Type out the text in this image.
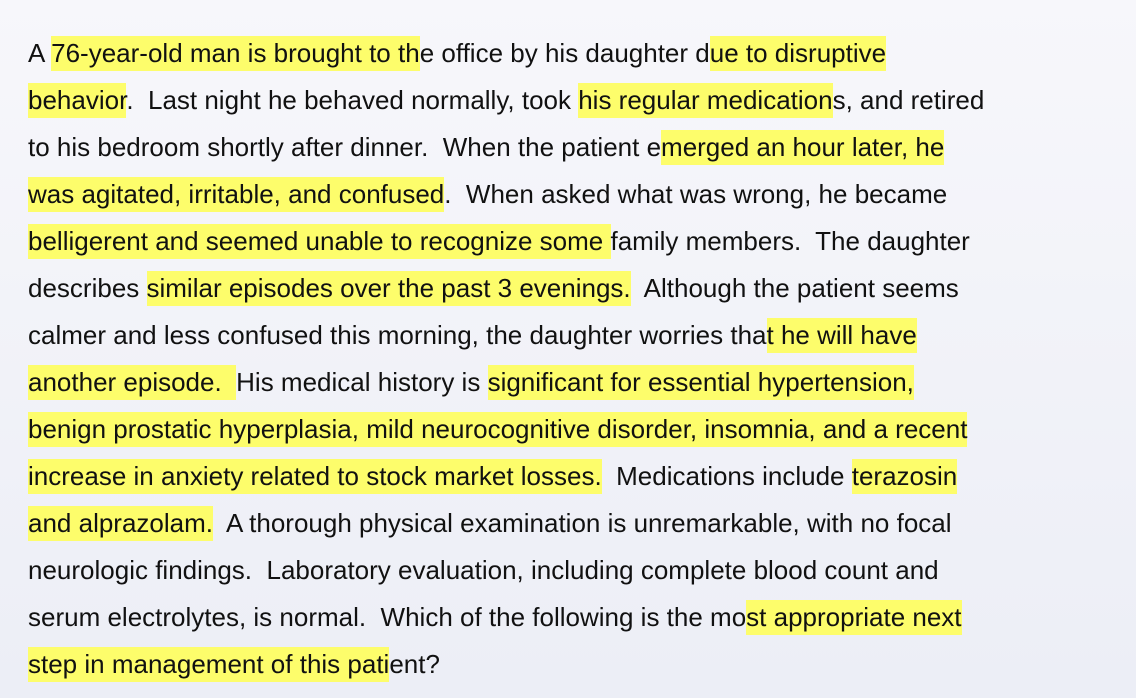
A 76-year-old man is brought to the office by his daughter due to disruptive
behavior.  Last night he behaved normally, took his regular medications, and retired
to his bedroom shortly after dinner.  When the patient emerged an hour later, he
was agitated, irritable, and confused.  When asked what was wrong, he became
belligerent and seemed unable to recognize some family members.  The daughter
describes similar episodes over the past 3 evenings.  Although the patient seems
calmer and less confused this morning, the daughter worries that he will have
another episode.  His medical history is significant for essential hypertension,
benign prostatic hyperplasia, mild neurocognitive disorder, insomnia, and a recent
increase in anxiety related to stock market losses.  Medications include terazosin
and alprazolam.  A thorough physical examination is unremarkable, with no focal
neurologic findings.  Laboratory evaluation, including complete blood count and
serum electrolytes, is normal.  Which of the following is the most appropriate next
step in management of this patient?
